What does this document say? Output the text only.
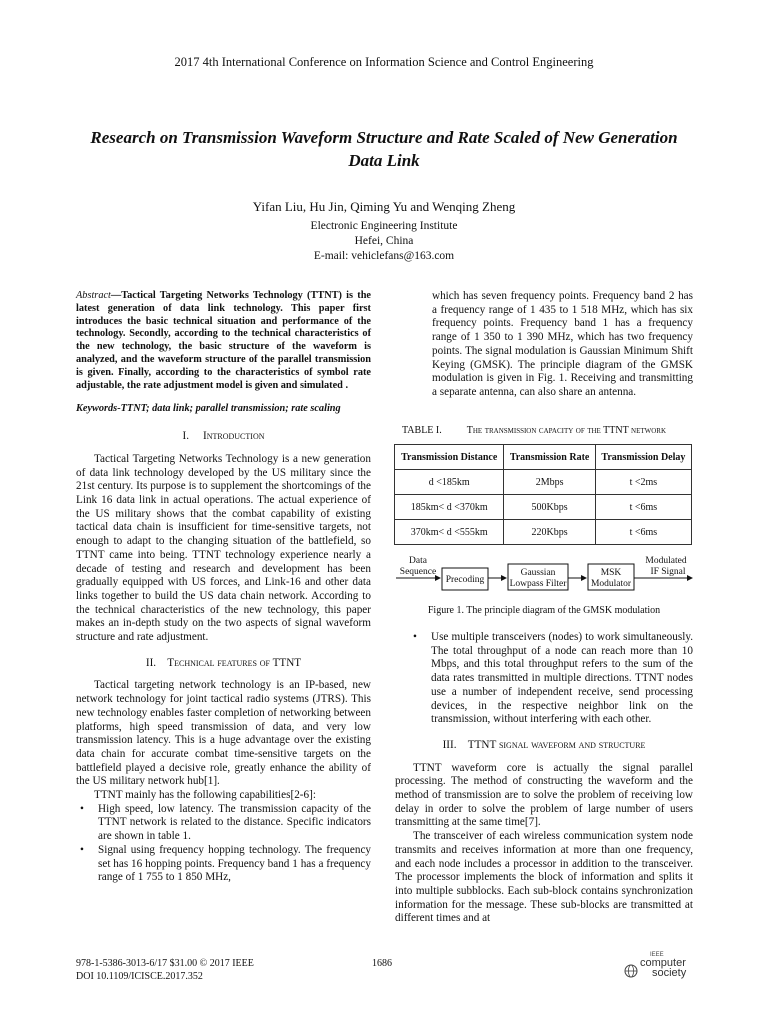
2017 4th International Conference on Information Science and Control Engineering
Research on Transmission Waveform Structure and Rate Scaled of New Generation
Data Link
Yifan Liu, Hu Jin, Qiming Yu and Wenqing Zheng
Electronic Engineering Institute
Hefei, China
E-mail: vehiclefans@163.com

Abstract—Tactical Targeting Networks Technology (TTNT) is the latest generation of data link technology. This paper first introduces the basic technical situation and performance of the technology. Secondly, according to the technical characteristics of the new technology, the basic structure of the waveform is analyzed, and the waveform structure of the parallel transmission is given. Finally, according to the characteristics of symbol rate adjustable, the rate adjustment model is given and simulated .

Keywords-TTNT; data link; parallel transmission; rate scaling

I. Introduction

Tactical Targeting Networks Technology is a new generation of data link technology developed by the US military since the 21st century. Its purpose is to supplement the shortcomings of the Link 16 data link in actual operations. The actual experience of the US military shows that the combat capability of existing tactical data chain is insufficient for time-sensitive targets, not enough to adapt to the changing situation of the battlefield, so TTNT came into being. TTNT technology experience nearly a decade of testing and research and development has been gradually equipped with US forces, and Link-16 and other data links together to build the US data chain network. According to the technical characteristics of the new technology, this paper makes an in-depth study on the two aspects of signal waveform structure and rate adjustment.

II. Technical features of TTNT

Tactical targeting network technology is an IP-based, new network technology for joint tactical radio systems (JTRS). This new technology enables faster completion of networking between platforms, high speed transmission of data, and very low transmission latency. This is a huge advantage over the existing data chain for accurate combat time-sensitive targets on the battlefield played a decisive role, greatly enhance the ability of the US military network hub[1].

TTNT mainly has the following capabilities[2-6]:

• High speed, low latency. The transmission capacity of the TTNT network is related to the distance. Specific indicators are shown in table 1.
• Signal using frequency hopping technology. The frequency set has 16 hopping points. Frequency band 1 has a frequency range of 1 755 to 1 850 MHz,

which has seven frequency points. Frequency band 2 has a frequency range of 1 435 to 1 518 MHz, which has six frequency points. Frequency band 1 has a frequency range of 1 350 to 1 390 MHz, which has two frequency points. The signal modulation is Gaussian Minimum Shift Keying (GMSK). The principle diagram of the GMSK modulation is given in Fig. 1. Receiving and transmitting a separate antenna, can also share an antenna.

TABLE I.	The transmission capacity of the TTNT network
Transmission Distance	Transmission Rate	Transmission Delay
d <185km	2Mbps	t <2ms
185km< d <370km	500Kbps	t <6ms
370km< d <555km	220Kbps	t <6ms
Data
Sequence
Precoding
Gaussian
Lowpass Filter
MSK
Modulator
Modulated
IF Signal
Figure 1. The principle diagram of the GMSK modulation
• Use multiple transceivers (nodes) to work simultaneously. The total throughput of a node can reach more than 10 Mbps, and this total throughput refers to the sum of the data rates transmitted in multiple directions. TTNT nodes use a number of independent receive, send processing devices, in the respective neighbor link on the transmission, without interfering with each other.

III. TTNT signal waveform and structure

TTNT waveform core is actually the signal parallel processing. The method of constructing the waveform and the method of transmission are to solve the problem of receiving low delay in order to solve the problem of large number of users transmitting at the same time[7].

The transceiver of each wireless communication system node transmits and receives information at more than one frequency, and each node includes a processor in addition to the transceiver. The processor implements the block of information and splits it into multiple subblocks. Each sub-block contains synchronization information for the message. These sub-blocks are transmitted at different times and at

978-1-5386-3013-6/17 $31.00 © 2017 IEEE
DOI 10.1109/ICISCE.2017.352
1686
IEEE
computer
society
